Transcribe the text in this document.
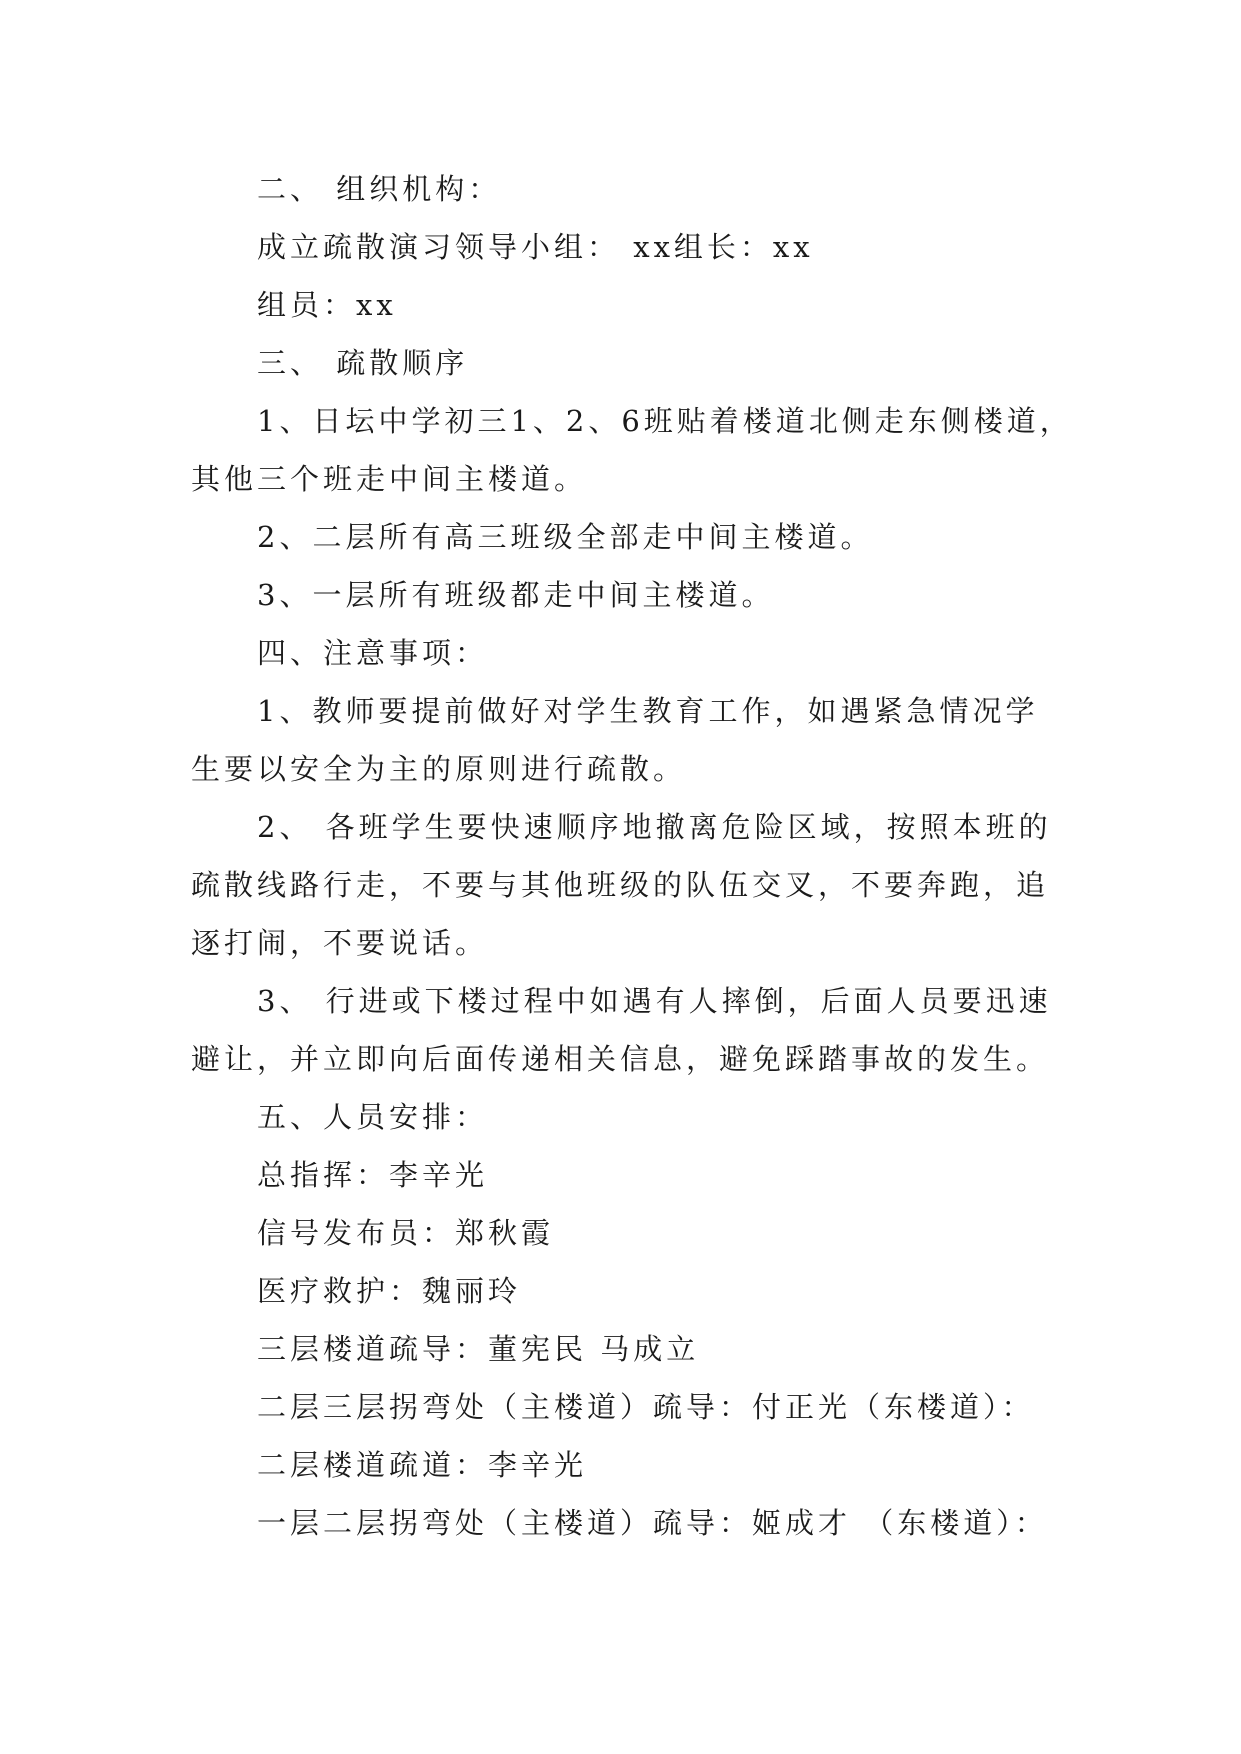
二、 组织机构：

成立疏散演习领导小组： xx组长：xx

组员：xx

三、 疏散顺序

1、日坛中学初三1、2、6班贴着楼道北侧走东侧楼道，

其他三个班走中间主楼道。

2、二层所有高三班级全部走中间主楼道。

3、一层所有班级都走中间主楼道。

四、注意事项：

1、教师要提前做好对学生教育工作，如遇紧急情况学

生要以安全为主的原则进行疏散。

2、 各班学生要快速顺序地撤离危险区域，按照本班的

疏散线路行走，不要与其他班级的队伍交叉，不要奔跑，追

逐打闹，不要说话。

3、 行进或下楼过程中如遇有人摔倒，后面人员要迅速

避让，并立即向后面传递相关信息，避免踩踏事故的发生。

五、人员安排：

总指挥：李辛光

信号发布员：郑秋霞

医疗救护：魏丽玲

三层楼道疏导：董宪民 马成立

二层三层拐弯处（主楼道）疏导：付正光（东楼道）：

二层楼道疏道：李辛光

一层二层拐弯处（主楼道）疏导：姬成才 （东楼道）：
